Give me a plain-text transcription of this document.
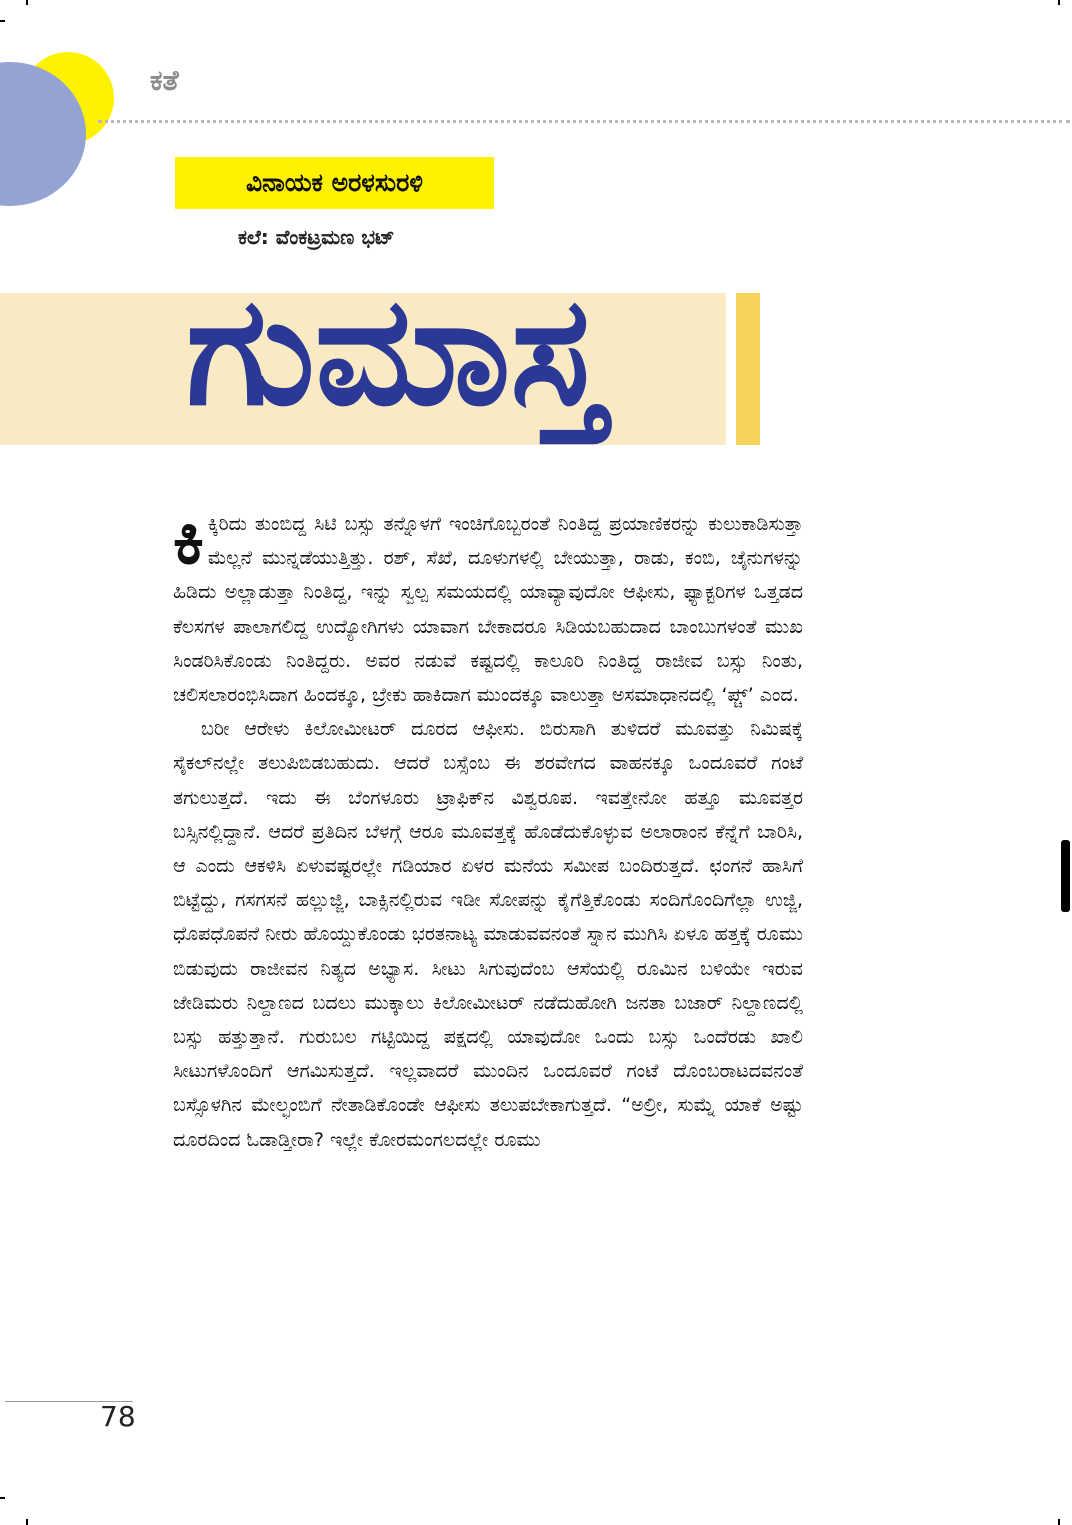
ಕತೆ
ವಿನಾಯಕ ಅರಳಸುರಳಿ
ಕಲೆ: ವೆಂಕಟ್ರಮಣ ಭಟ್
ಗುಮಾಸ್ತ

ಕಿಕ್ಕಿರಿದು ತುಂಬಿದ್ದ ಸಿಟಿ ಬಸ್ಸು ತನ್ನೊಳಗೆ ಇಂಚಿಗೊಬ್ಬರಂತೆ ನಿಂತಿದ್ದ ಪ್ರಯಾಣಿಕರನ್ನು ಕುಲುಕಾಡಿಸುತ್ತಾ ಮೆಲ್ಲನೆ ಮುನ್ನಡೆಯುತ್ತಿತ್ತು. ರಶ್, ಸೆಖೆ, ದೂಳುಗಳಲ್ಲಿ ಬೇಯುತ್ತಾ, ರಾಡು, ಕಂಬಿ, ಚೈನುಗಳನ್ನು ಹಿಡಿದು ಅಲ್ಲಾಡುತ್ತಾ ನಿಂತಿದ್ದ, ಇನ್ನು ಸ್ವಲ್ಪ ಸಮಯದಲ್ಲಿ ಯಾವ್ಯಾವುದೋ ಆಫೀಸು, ಫ್ಯಾಕ್ಟರಿಗಳ ಒತ್ತಡದ ಕೆಲಸಗಳ ಪಾಲಾಗಲಿದ್ದ ಉದ್ಯೋಗಿಗಳು ಯಾವಾಗ ಬೇಕಾದರೂ ಸಿಡಿಯಬಹುದಾದ ಬಾಂಬುಗಳಂತೆ ಮುಖ ಸಿಂಡರಿಸಿಕೊಂಡು ನಿಂತಿದ್ದರು. ಅವರ ನಡುವೆ ಕಷ್ಟದಲ್ಲಿ ಕಾಲೂರಿ ನಿಂತಿದ್ದ ರಾಜೀವ ಬಸ್ಸು ನಿಂತು, ಚಲಿಸಲಾರಂಭಿಸಿದಾಗ ಹಿಂದಕ್ಕೂ, ಬ್ರೇಕು ಹಾಕಿದಾಗ ಮುಂದಕ್ಕೂ ವಾಲುತ್ತಾ ಅಸಮಾಧಾನದಲ್ಲಿ ‘ಪ್ಚ್’ ಎಂದ.

ಬರೀ ಆರೇಳು ಕಿಲೋಮೀಟರ್ ದೂರದ ಆಫೀಸು. ಬಿರುಸಾಗಿ ತುಳಿದರೆ ಮೂವತ್ತು ನಿಮಿಷಕ್ಕೆ ಸೈಕಲ್‌ನಲ್ಲೇ ತಲುಪಿಬಿಡಬಹುದು. ಆದರೆ ಬಸ್ಸೆಂಬ ಈ ಶರವೇಗದ ವಾಹನಕ್ಕೂ ಒಂದೂವರೆ ಗಂಟೆ ತಗುಲುತ್ತದೆ. ಇದು ಈ ಬೆಂಗಳೂರು ಟ್ರಾಫಿಕ್‌ನ ವಿಶ್ವರೂಪ. ಇವತ್ತೇನೋ ಹತ್ತೂ ಮೂವತ್ತರ ಬಸ್ಸಿನಲ್ಲಿದ್ದಾನೆ. ಆದರೆ ಪ್ರತಿದಿನ ಬೆಳಗ್ಗೆ ಆರೂ ಮೂವತ್ತಕ್ಕೆ ಹೊಡೆದುಕೊಳ್ಳುವ ಅಲಾರಾಂನ ಕೆನ್ನೆಗೆ ಬಾರಿಸಿ, ಆ ಎಂದು ಆಕಳಿಸಿ ಏಳುವಷ್ಟರಲ್ಲೇ ಗಡಿಯಾರ ಏಳರ ಮನೆಯ ಸಮೀಪ ಬಂದಿರುತ್ತದೆ. ಛಂಗನೆ ಹಾಸಿಗೆ ಬಿಟ್ಟೆದ್ದು, ಗಸಗಸನೆ ಹಲ್ಲುಜ್ಜಿ, ಬಾಕ್ಸಿನಲ್ಲಿರುವ ಇಡೀ ಸೋಪನ್ನು ಕೈಗೆತ್ತಿಕೊಂಡು ಸಂದಿಗೊಂದಿಗೆಲ್ಲಾ ಉಜ್ಜಿ, ಧೊಪಧೊಪನೆ ನೀರು ಹೊಯ್ದುಕೊಂಡು ಭರತನಾಟ್ಯ ಮಾಡುವವನಂತೆ ಸ್ನಾನ ಮುಗಿಸಿ ಏಳೂ ಹತ್ತಕ್ಕೆ ರೂಮು ಬಿಡುವುದು ರಾಜೀವನ ನಿತ್ಯದ ಅಭ್ಯಾಸ. ಸೀಟು ಸಿಗುವುದೆಂಬ ಆಸೆಯಲ್ಲಿ ರೂಮಿನ ಬಳಿಯೇ ಇರುವ ಜೇಡಿಮರು ನಿಲ್ದಾಣದ ಬದಲು ಮುಕ್ಕಾಲು ಕಿಲೋಮೀಟರ್ ನಡೆದುಹೋಗಿ ಜನತಾ ಬಜಾರ್ ನಿಲ್ದಾಣದಲ್ಲಿ ಬಸ್ಸು ಹತ್ತುತ್ತಾನೆ. ಗುರುಬಲ ಗಟ್ಟಿಯಿದ್ದ ಪಕ್ಷದಲ್ಲಿ ಯಾವುದೋ ಒಂದು ಬಸ್ಸು ಒಂದೆರಡು ಖಾಲಿ ಸೀಟುಗಳೊಂದಿಗೆ ಆಗಮಿಸುತ್ತದೆ. ಇಲ್ಲವಾದರೆ ಮುಂದಿನ ಒಂದೂವರೆ ಗಂಟೆ ದೊಂಬರಾಟದವನಂತೆ ಬಸ್ಸೊಳಗಿನ ಮೇಲ್ಛಂಬಿಗೆ ನೇತಾಡಿಕೊಂಡೇ ಆಫೀಸು ತಲುಪಬೇಕಾಗುತ್ತದೆ. “ಅಲ್ರೀ, ಸುಮ್ನೆ ಯಾಕೆ ಅಷ್ಟು ದೂರದಿಂದ ಓಡಾಡ್ತೀರಾ? ಇಲ್ಲೇ ಕೋರಮಂಗಲದಲ್ಲೇ ರೂಮು

78
